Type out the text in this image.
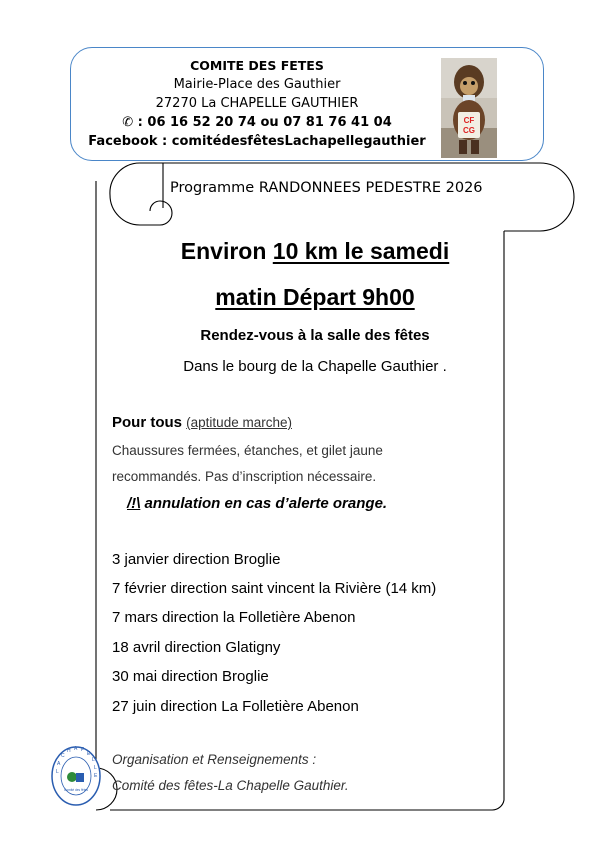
COMITE DES FETES
Mairie-Place des Gauthier
27270 La CHAPELLE GAUTHIER
✆ : 06 16 52 20 74 ou 07 81 76 41 04
Facebook : comitédesfêtesLachapellegauthier
CF
CG
LACH A PELL E
Comité des fêtes
Programme RANDONNEES PEDESTRE 2026
Environ 10 km le samedi
matin Départ 9h00
Rendez-vous à la salle des fêtes
Dans le bourg de la Chapelle Gauthier .
Pour tous (aptitude marche)
Chaussures fermées, étanches, et gilet jaune
recommandés. Pas d’inscription nécessaire.
/!\ annulation en cas d’alerte orange.
3 janvier direction Broglie
7 février direction saint vincent la Rivière (14 km)
7 mars direction la Folletière Abenon
18 avril direction Glatigny
30 mai direction Broglie
27 juin direction La Folletière Abenon
Organisation et Renseignements :
Comité des fêtes-La Chapelle Gauthier.
